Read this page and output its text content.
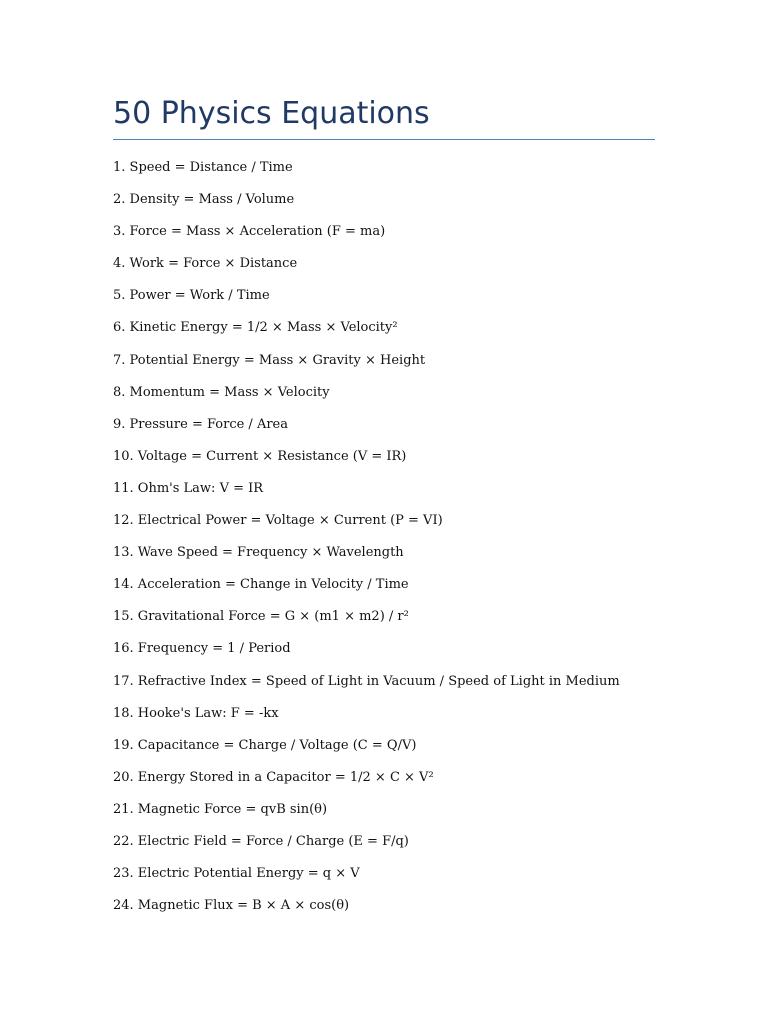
50 Physics Equations
1. Speed = Distance / Time
2. Density = Mass / Volume
3. Force = Mass × Acceleration (F = ma)
4. Work = Force × Distance
5. Power = Work / Time
6. Kinetic Energy = 1/2 × Mass × Velocity²
7. Potential Energy = Mass × Gravity × Height
8. Momentum = Mass × Velocity
9. Pressure = Force / Area
10. Voltage = Current × Resistance (V = IR)
11. Ohm's Law: V = IR
12. Electrical Power = Voltage × Current (P = VI)
13. Wave Speed = Frequency × Wavelength
14. Acceleration = Change in Velocity / Time
15. Gravitational Force = G × (m1 × m2) / r²
16. Frequency = 1 / Period
17. Refractive Index = Speed of Light in Vacuum / Speed of Light in Medium
18. Hooke's Law: F = -kx
19. Capacitance = Charge / Voltage (C = Q/V)
20. Energy Stored in a Capacitor = 1/2 × C × V²
21. Magnetic Force = qvB sin(θ)
22. Electric Field = Force / Charge (E = F/q)
23. Electric Potential Energy = q × V
24. Magnetic Flux = B × A × cos(θ)
